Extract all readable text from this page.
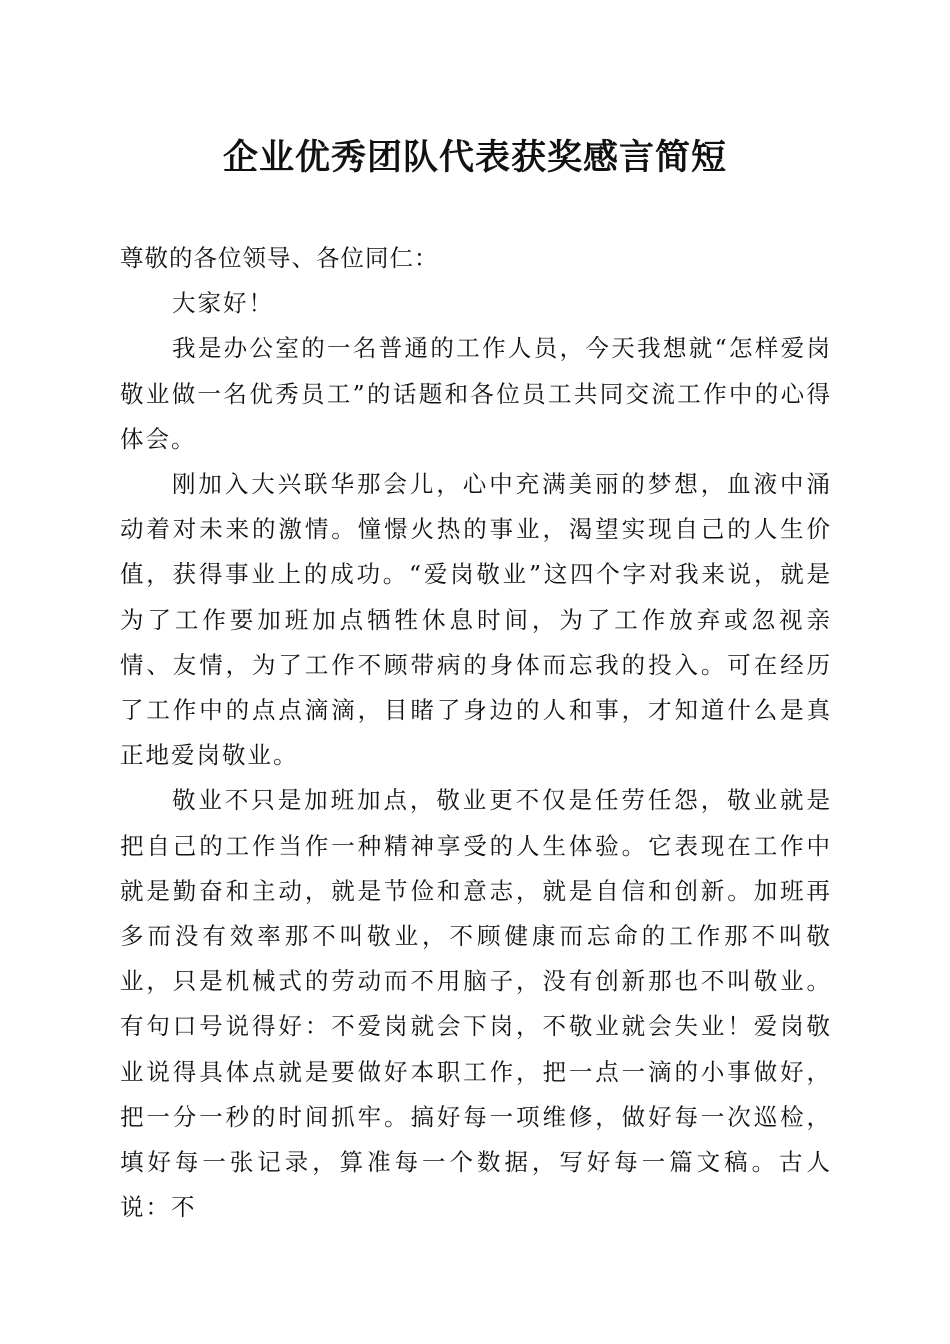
企业优秀团队代表获奖感言简短

尊敬的各位领导、各位同仁：

大家好！

我是办公室的一名普通的工作人员，今天我想就“怎样爱岗敬业做一名优秀员工”的话题和各位员工共同交流工作中的心得体会。

刚加入大兴联华那会儿，心中充满美丽的梦想，血液中涌动着对未来的激情。憧憬火热的事业，渴望实现自己的人生价值，获得事业上的成功。“爱岗敬业”这四个字对我来说，就是为了工作要加班加点牺牲休息时间，为了工作放弃或忽视亲情、友情，为了工作不顾带病的身体而忘我的投入。可在经历了工作中的点点滴滴，目睹了身边的人和事，才知道什么是真正地爱岗敬业。

敬业不只是加班加点，敬业更不仅是任劳任怨，敬业就是把自己的工作当作一种精神享受的人生体验。它表现在工作中就是勤奋和主动，就是节俭和意志，就是自信和创新。加班再多而没有效率那不叫敬业，不顾健康而忘命的工作那不叫敬业，只是机械式的劳动而不用脑子，没有创新那也不叫敬业。有句口号说得好：不爱岗就会下岗，不敬业就会失业！爱岗敬业说得具体点就是要做好本职工作，把一点一滴的小事做好，把一分一秒的时间抓牢。搞好每一项维修，做好每一次巡检，填好每一张记录，算准每一个数据，写好每一篇文稿。古人说：不
